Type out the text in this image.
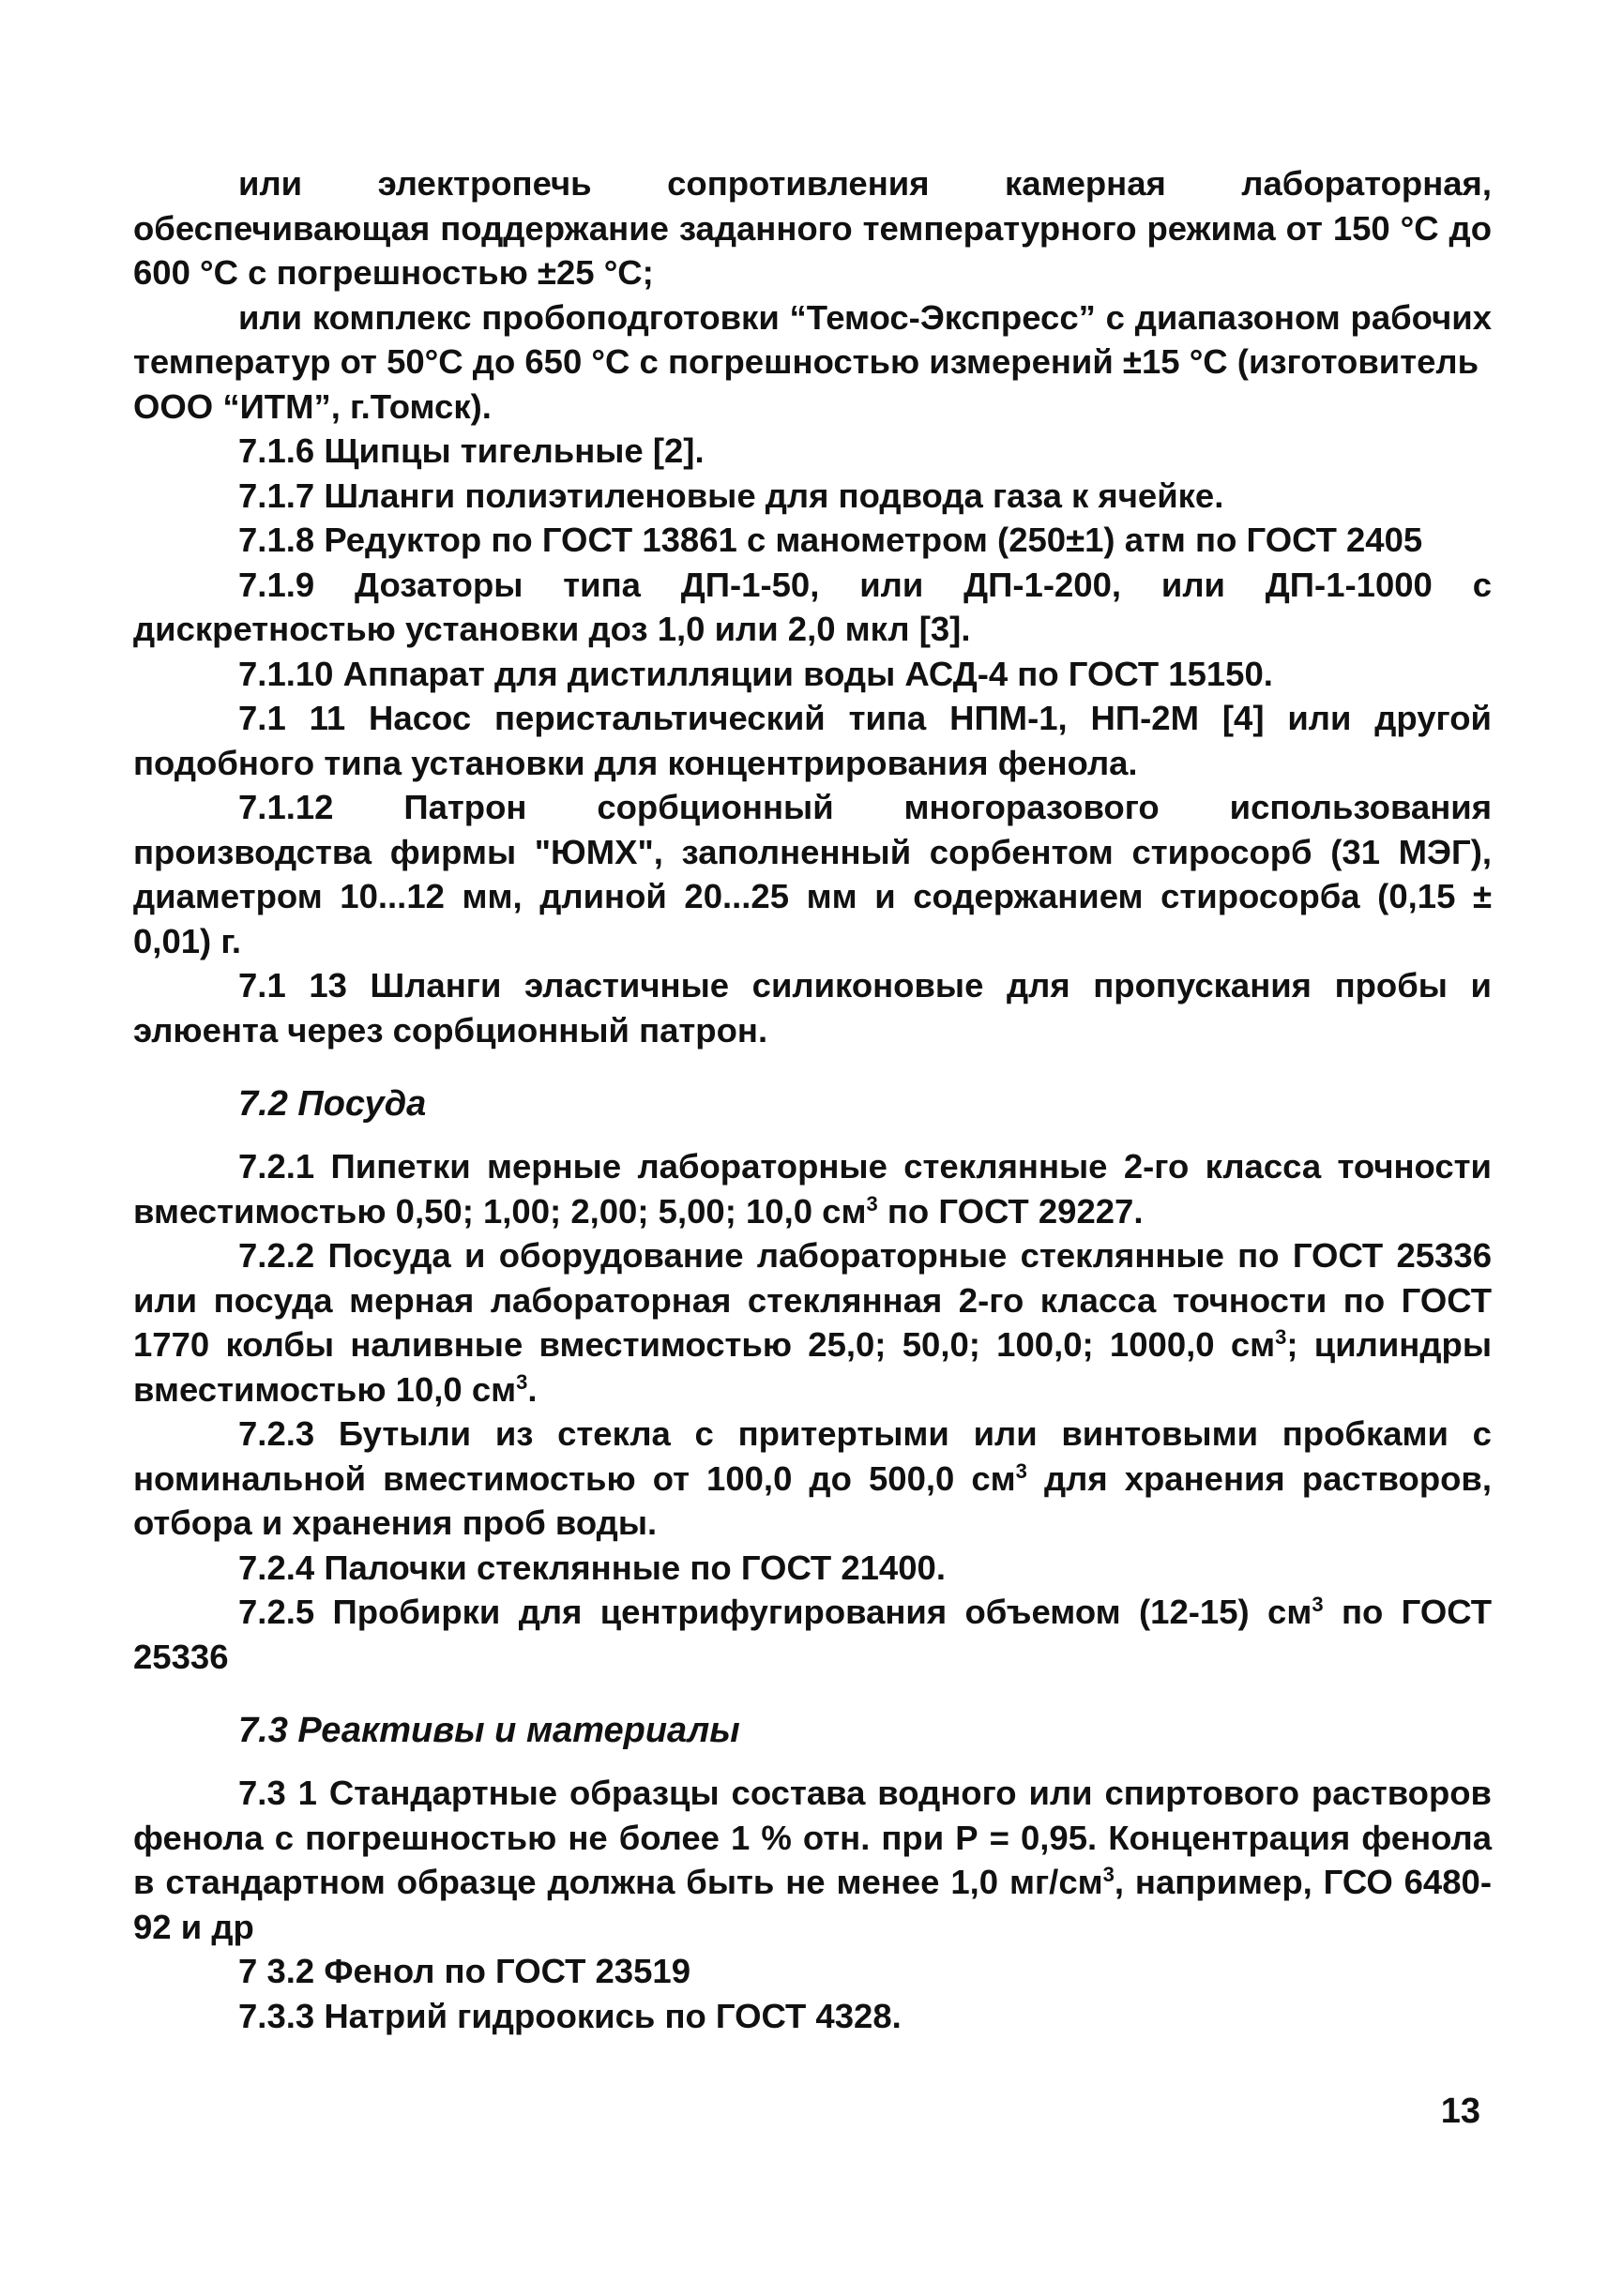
или электропечь сопротивления камерная лабораторная, обеспечивающая поддержание заданного температурного режима от 150 °С до 600 °С с погрешностью ±25 °С;

или комплекс пробоподготовки “Темос-Экспресс” с диапазоном рабочих температур от 50°С до 650 °С с погрешностью измерений ±15 °С (изготовитель

ООО “ИТМ”, г.Томск).

7.1.6 Щипцы тигельные [2].

7.1.7 Шланги полиэтиленовые для подвода газа к ячейке.

7.1.8 Редуктор по ГОСТ 13861 с манометром (250±1) атм по ГОСТ 2405

7.1.9 Дозаторы типа ДП-1-50, или ДП-1-200, или ДП-1-1000 с дискретностью установки доз 1,0 или 2,0 мкл [3].

7.1.10 Аппарат для дистилляции воды АСД-4 по ГОСТ 15150.

7.1 11 Насос перистальтический типа НПМ-1, НП-2М [4] или другой подобного типа установки для концентрирования фенола.

7.1.12 Патрон сорбционный многоразового использования производства фирмы "ЮМХ", заполненный сорбентом стиросорб (31 МЭГ), диаметром 10...12 мм, длиной 20...25 мм и содержанием стиросорба (0,15 ± 0,01) г.

7.1 13 Шланги эластичные силиконовые для пропускания пробы и элюента через сорбционный патрон.

7.2 Посуда

7.2.1 Пипетки мерные лабораторные стеклянные 2-го класса точности вместимостью 0,50; 1,00; 2,00; 5,00; 10,0 $см^3$ по ГОСТ 29227.

7.2.2 Посуда и оборудование лабораторные стеклянные по ГОСТ 25336 или посуда мерная лабораторная стеклянная 2-го класса точности по ГОСТ 1770 колбы наливные вместимостью 25,0; 50,0; 100,0; 1000,0 $см^3$; цилиндры вместимостью 10,0 $см^3$.

7.2.3 Бутыли из стекла с притертыми или винтовыми пробками с номинальной вместимостью от 100,0 до 500,0 $см^3$ для хранения растворов, отбора и хранения проб воды.

7.2.4 Палочки стеклянные по ГОСТ 21400.

7.2.5 Пробирки для центрифугирования объемом (12-15) $см^3$ по ГОСТ 25336

7.3 Реактивы и материалы

7.3 1 Стандартные образцы состава водного или спиртового растворов фенола с погрешностью не более 1 % отн. при Р = 0,95. Концентрация фенола в стандартном образце должна быть не менее 1,0 $мг/см^3$, например, ГСО 6480-92 и др

7 3.2 Фенол по ГОСТ 23519

7.3.3 Натрий гидроокись по ГОСТ 4328.

13
